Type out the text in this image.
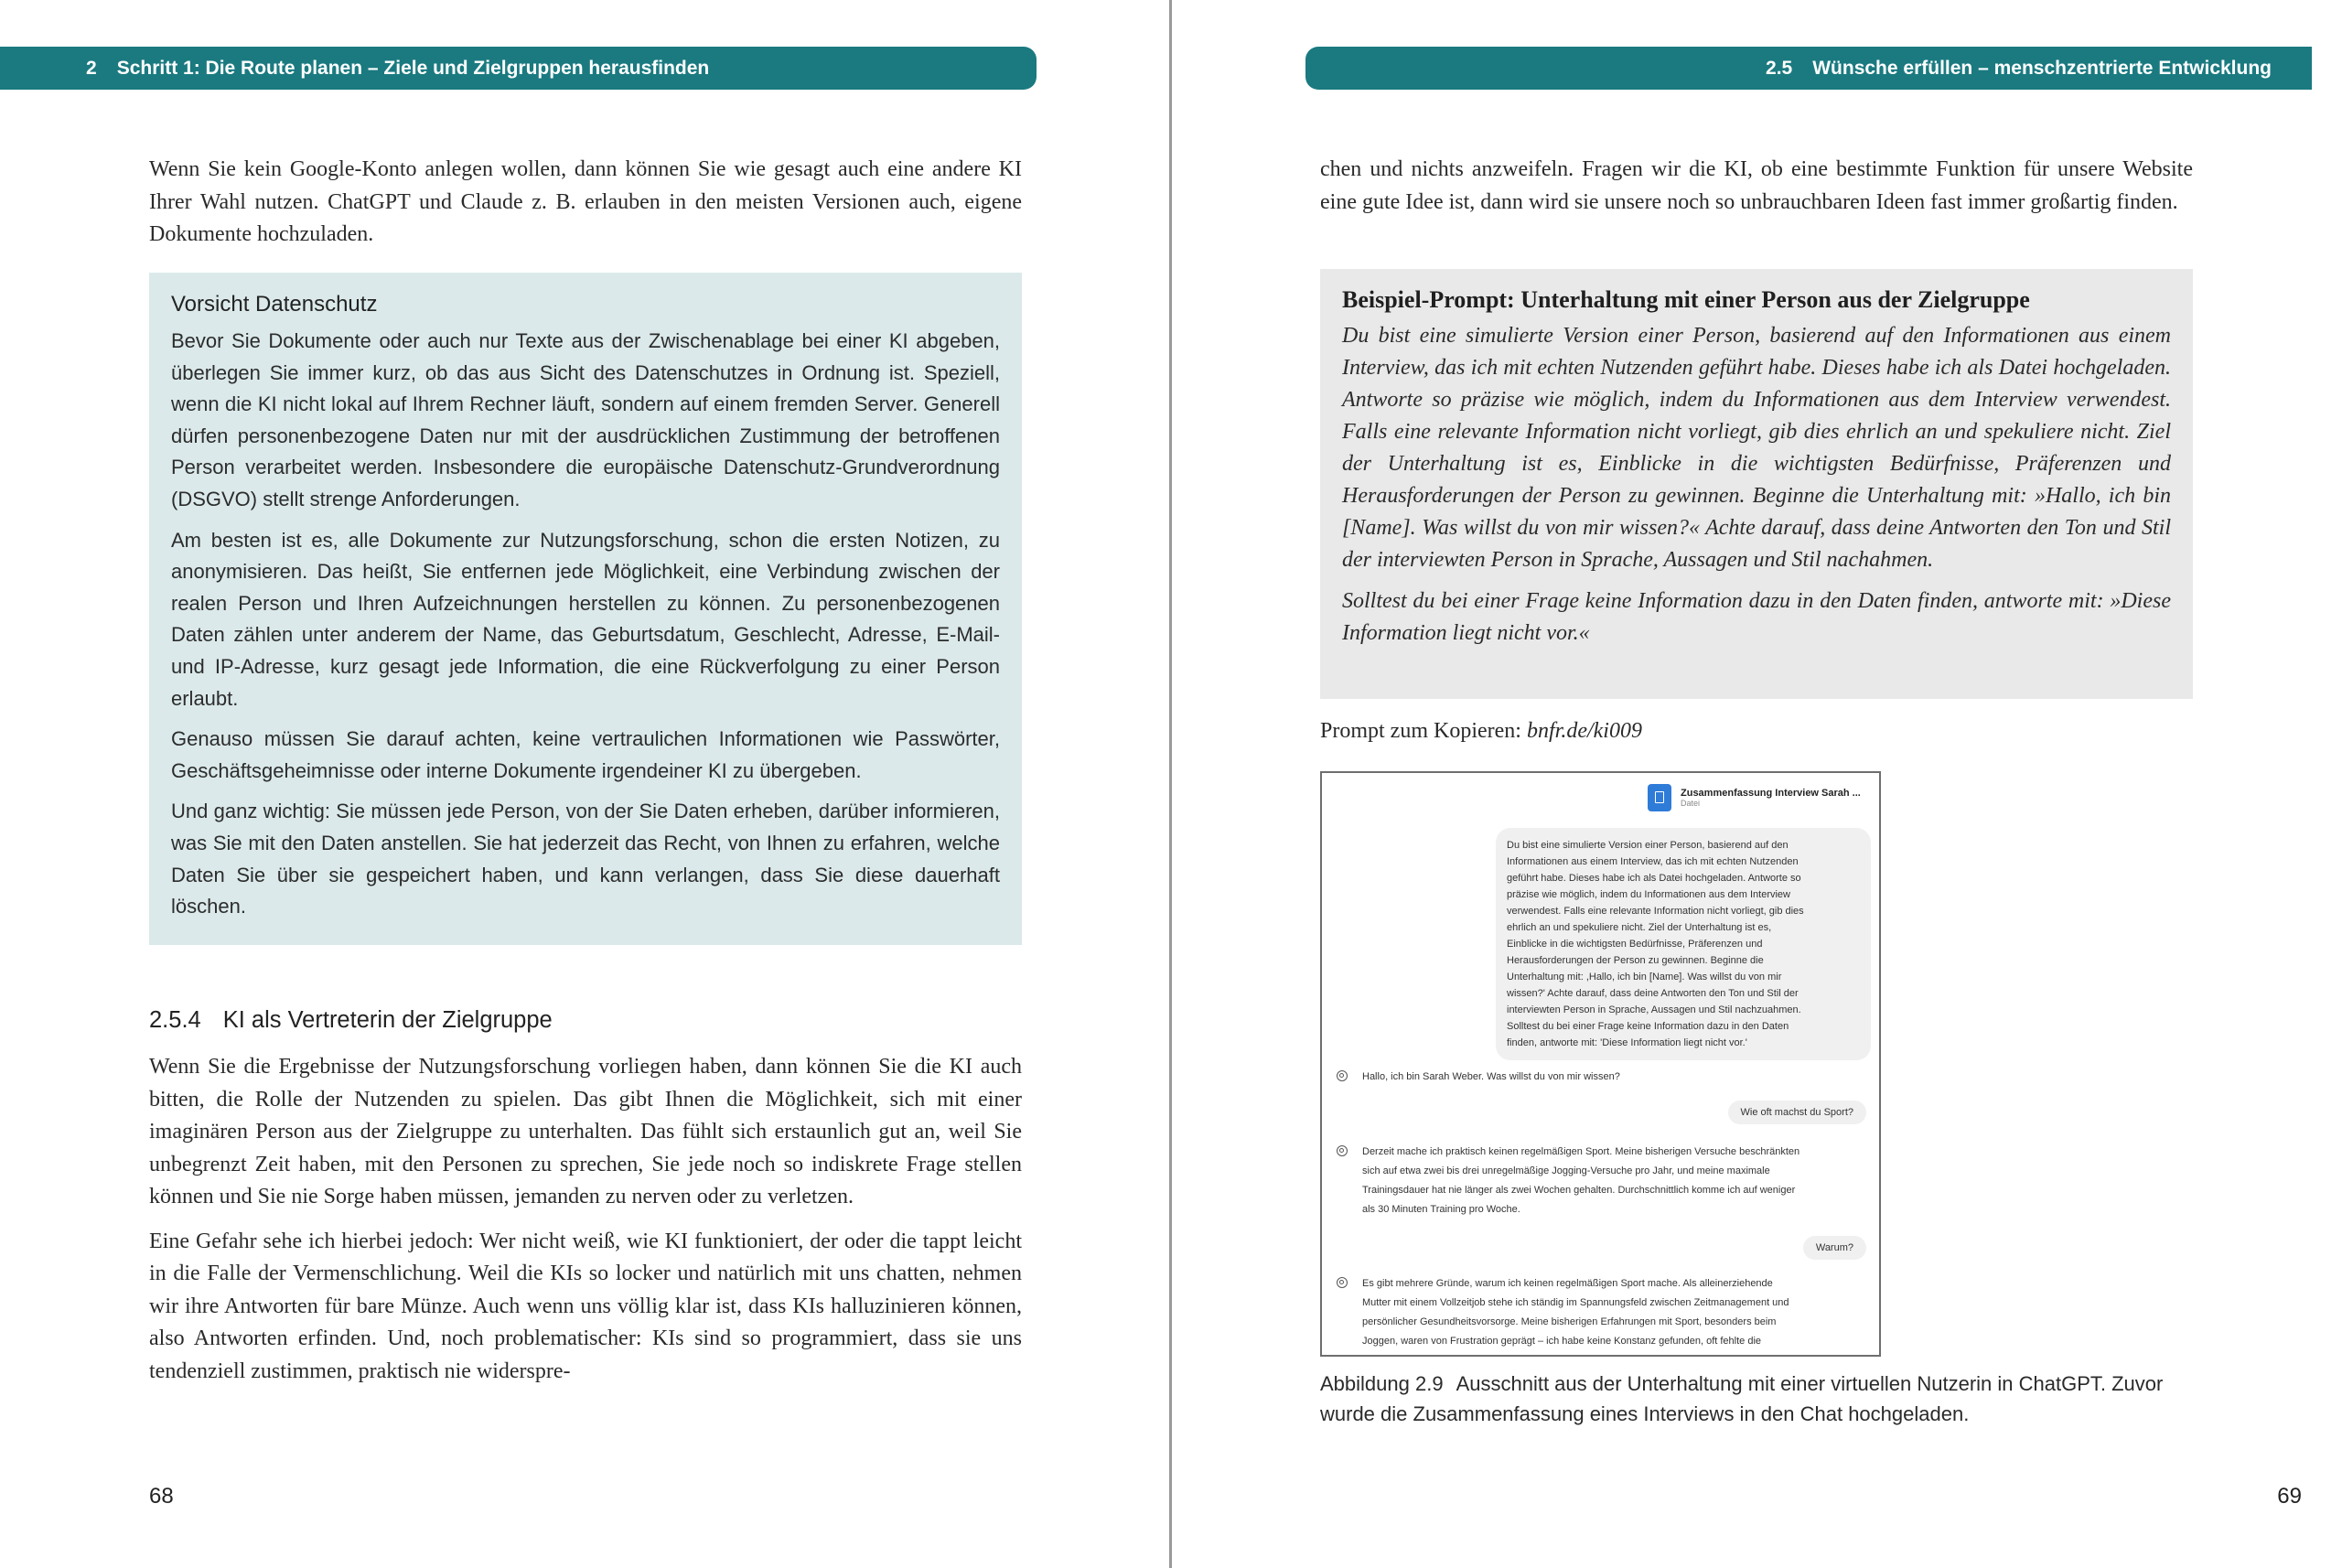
2 Schritt 1: Die Route planen – Ziele und Zielgruppen herausfinden

Wenn Sie kein Google-Konto anlegen wollen, dann können Sie wie gesagt auch eine andere KI Ihrer Wahl nutzen. ChatGPT und Claude z. B. erlauben in den meisten Versionen auch, eigene Dokumente hochzuladen.

Vorsicht Datenschutz

Bevor Sie Dokumente oder auch nur Texte aus der Zwischenablage bei einer KI abgeben, überlegen Sie immer kurz, ob das aus Sicht des Datenschutzes in Ordnung ist. Speziell, wenn die KI nicht lokal auf Ihrem Rechner läuft, sondern auf einem fremden Server. Generell dürfen personenbezogene Daten nur mit der ausdrücklichen Zustimmung der betroffenen Person verarbeitet werden. Insbesondere die europäische Datenschutz-Grundverordnung (DSGVO) stellt strenge Anforderungen.

Am besten ist es, alle Dokumente zur Nutzungsforschung, schon die ersten Notizen, zu anonymisieren. Das heißt, Sie entfernen jede Möglichkeit, eine Verbindung zwischen der realen Person und Ihren Aufzeichnungen herstellen zu können. Zu personenbezogenen Daten zählen unter anderem der Name, das Geburtsdatum, Geschlecht, Adresse, E-Mail- und IP-Adresse, kurz gesagt jede Information, die eine Rückverfolgung zu einer Person erlaubt.

Genauso müssen Sie darauf achten, keine vertraulichen Informationen wie Passwörter, Geschäftsgeheimnisse oder interne Dokumente irgendeiner KI zu übergeben.

Und ganz wichtig: Sie müssen jede Person, von der Sie Daten erheben, darüber informieren, was Sie mit den Daten anstellen. Sie hat jederzeit das Recht, von Ihnen zu erfahren, welche Daten Sie über sie gespeichert haben, und kann verlangen, dass Sie diese dauerhaft löschen.

2.5.4 KI als Vertreterin der Zielgruppe

Wenn Sie die Ergebnisse der Nutzungsforschung vorliegen haben, dann können Sie die KI auch bitten, die Rolle der Nutzenden zu spielen. Das gibt Ihnen die Möglichkeit, sich mit einer imaginären Person aus der Zielgruppe zu unterhalten. Das fühlt sich erstaunlich gut an, weil Sie unbegrenzt Zeit haben, mit den Personen zu sprechen, Sie jede noch so indiskrete Frage stellen können und Sie nie Sorge haben müssen, jemanden zu nerven oder zu verletzen.

Eine Gefahr sehe ich hierbei jedoch: Wer nicht weiß, wie KI funktioniert, der oder die tappt leicht in die Falle der Vermenschlichung. Weil die KIs so locker und natürlich mit uns chatten, nehmen wir ihre Antworten für bare Münze. Auch wenn uns völlig klar ist, dass KIs halluzinieren können, also Antworten erfinden. Und, noch problematischer: KIs sind so programmiert, dass sie uns tendenziell zustimmen, praktisch nie widerspre-

68
2.5 Wünsche erfüllen – menschzentrierte Entwicklung

chen und nichts anzweifeln. Fragen wir die KI, ob eine bestimmte Funktion für unsere Website eine gute Idee ist, dann wird sie unsere noch so unbrauchbaren Ideen fast immer großartig finden.

Beispiel-Prompt: Unterhaltung mit einer Person aus der Zielgruppe

Du bist eine simulierte Version einer Person, basierend auf den Informationen aus einem Interview, das ich mit echten Nutzenden geführt habe. Dieses habe ich als Datei hochgeladen. Antworte so präzise wie möglich, indem du Informationen aus dem Interview verwendest. Falls eine relevante Information nicht vorliegt, gib dies ehrlich an und spekuliere nicht. Ziel der Unterhaltung ist es, Einblicke in die wichtigsten Bedürfnisse, Präferenzen und Herausforderungen der Person zu gewinnen. Beginne die Unterhaltung mit: »Hallo, ich bin [Name]. Was willst du von mir wissen?« Achte darauf, dass deine Antworten den Ton und Stil der interviewten Person in Sprache, Aussagen und Stil nachahmen.

Solltest du bei einer Frage keine Information dazu in den Daten finden, antworte mit: »Diese Information liegt nicht vor.«

Prompt zum Kopieren: bnfr.de/ki009
Zusammenfassung Interview Sarah ...
Datei
Du bist eine simulierte Version einer Person, basierend auf den
Informationen aus einem Interview, das ich mit echten Nutzenden
geführt habe. Dieses habe ich als Datei hochgeladen. Antworte so
präzise wie möglich, indem du Informationen aus dem Interview
verwendest. Falls eine relevante Information nicht vorliegt, gib dies
ehrlich an und spekuliere nicht. Ziel der Unterhaltung ist es,
Einblicke in die wichtigsten Bedürfnisse, Präferenzen und
Herausforderungen der Person zu gewinnen. Beginne die
Unterhaltung mit: ,Hallo, ich bin [Name]. Was willst du von mir
wissen?' Achte darauf, dass deine Antworten den Ton und Stil der
interviewten Person in Sprache, Aussagen und Stil nachzuahmen.
Solltest du bei einer Frage keine Information dazu in den Daten
finden, antworte mit: 'Diese Information liegt nicht vor.'
Hallo, ich bin Sarah Weber. Was willst du von mir wissen?
Wie oft machst du Sport?
Derzeit mache ich praktisch keinen regelmäßigen Sport. Meine bisherigen Versuche beschränkten
sich auf etwa zwei bis drei unregelmäßige Jogging-Versuche pro Jahr, und meine maximale
Trainingsdauer hat nie länger als zwei Wochen gehalten. Durchschnittlich komme ich auf weniger
als 30 Minuten Training pro Woche.
Warum?
Es gibt mehrere Gründe, warum ich keinen regelmäßigen Sport mache. Als alleinerziehende
Mutter mit einem Vollzeitjob stehe ich ständig im Spannungsfeld zwischen Zeitmanagement und
persönlicher Gesundheitsvorsorge. Meine bisherigen Erfahrungen mit Sport, besonders beim
Joggen, waren von Frustration geprägt – ich habe keine Konstanz gefunden, oft fehlte die
Abbildung 2.9 Ausschnitt aus der Unterhaltung mit einer virtuellen Nutzerin in ChatGPT. Zuvor wurde die Zusammenfassung eines Interviews in den Chat hochgeladen.
69
